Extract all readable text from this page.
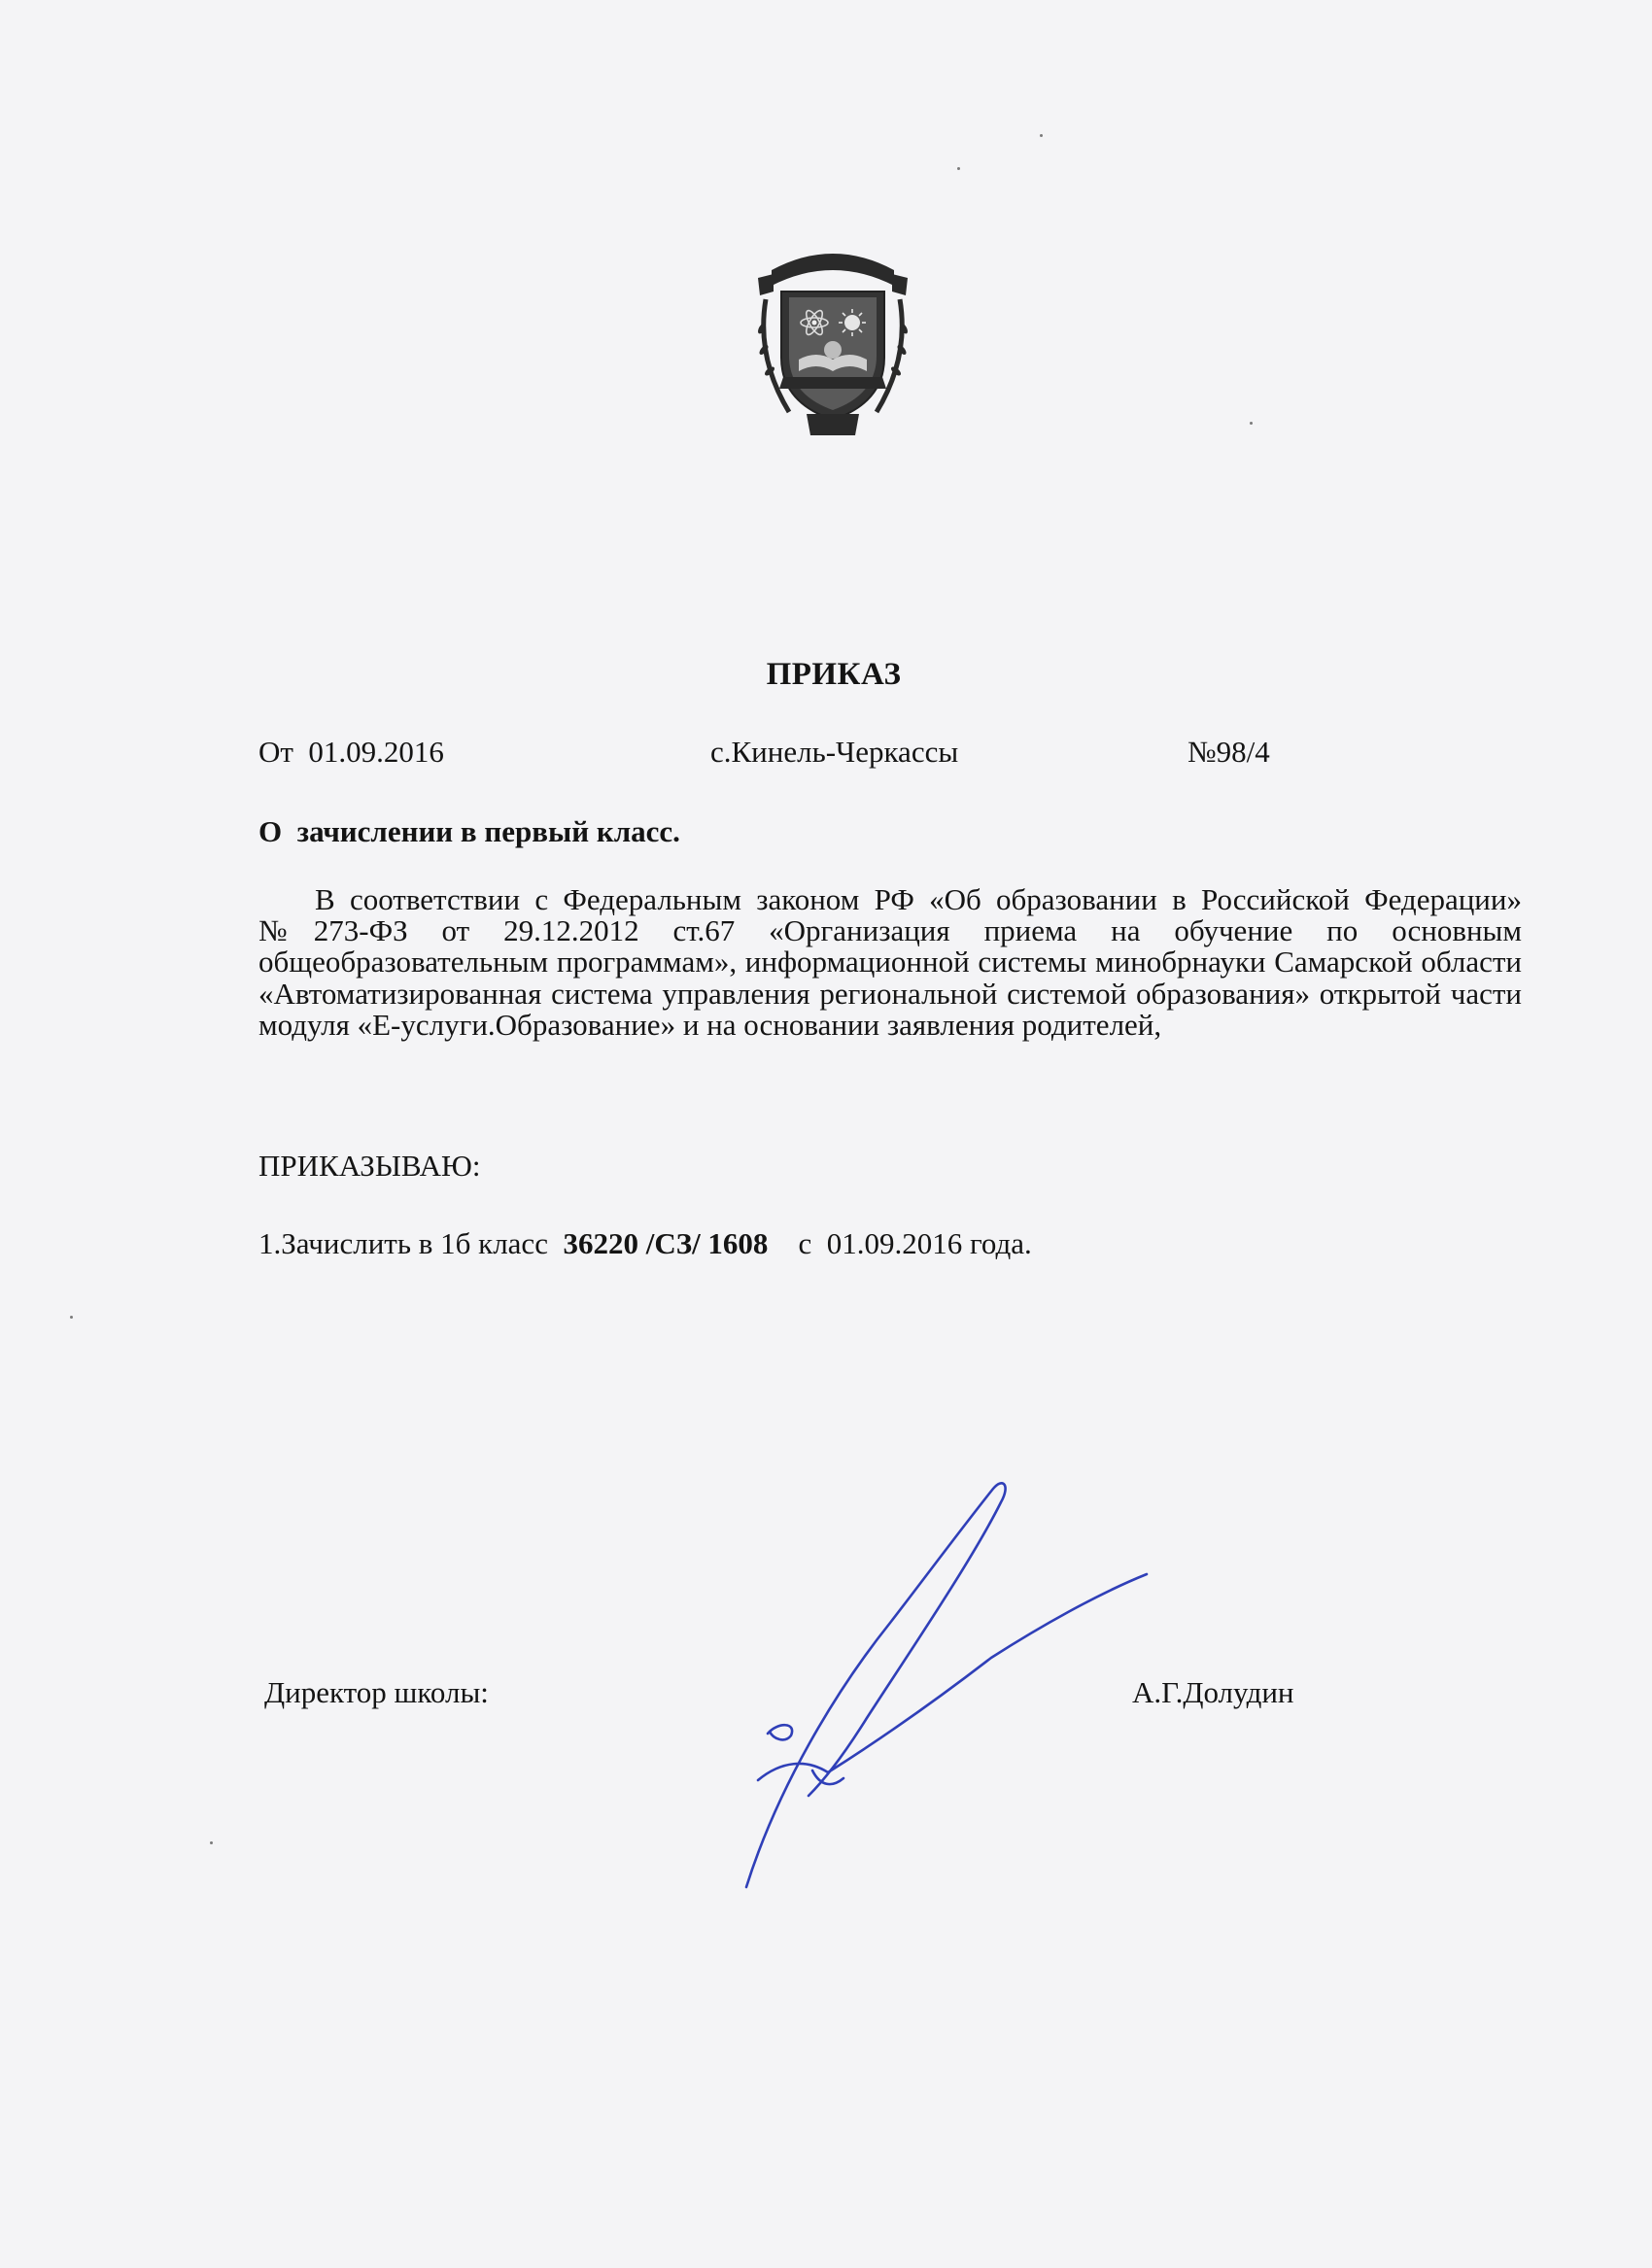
ПРИКАЗ
От  01.09.2016	с.Кинель-Черкассы	№98/4
О  зачислении в первый класс.

В соответствии с Федеральным законом РФ «Об образовании в Российской Федерации» №273-ФЗ от 29.12.2012 ст.67 «Организация приема на обучение по основным общеобразовательным программам», информационной системы минобрнауки Самарской области «Автоматизированная система управления региональной системой образования» открытой части модуля «Е-услуги.Образование» и на основании заявления родителей,

ПРИКАЗЫВАЮ:
1.Зачислить в 1б класс  36220 /СЗ/ 1608    с  01.09.2016 года.
Директор школы:	А.Г.Долудин
